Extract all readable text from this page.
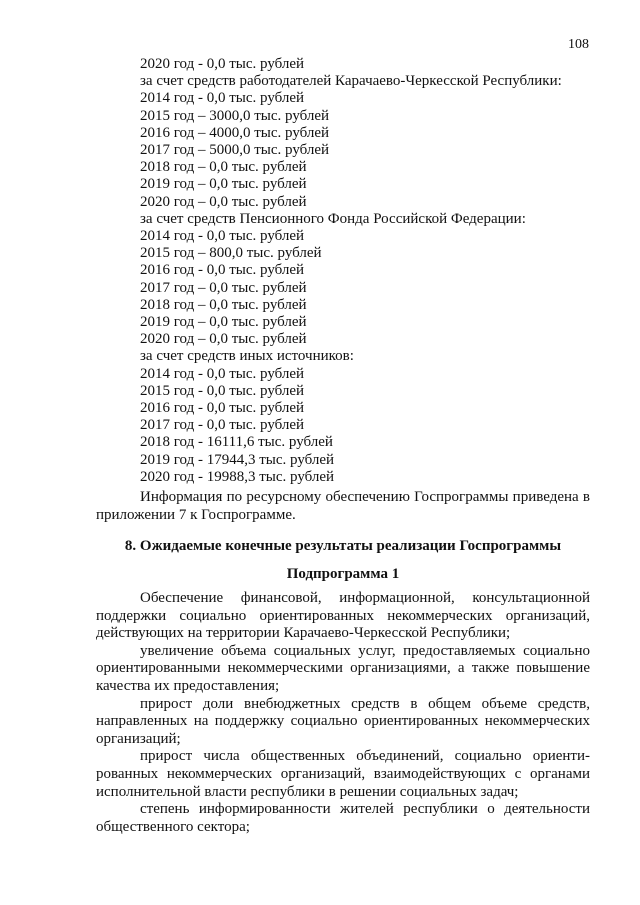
108
2020 год - 0,0 тыс. рублей
за счет средств работодателей Карачаево-Черкесской Республики:
2014 год - 0,0 тыс. рублей
2015 год – 3000,0 тыс. рублей
2016 год – 4000,0 тыс. рублей
2017 год – 5000,0 тыс. рублей
2018 год – 0,0 тыс. рублей
2019 год – 0,0 тыс. рублей
2020 год – 0,0 тыс. рублей
за счет средств Пенсионного Фонда Российской Федерации:
2014 год - 0,0 тыс. рублей
2015 год – 800,0 тыс. рублей
2016 год - 0,0 тыс. рублей
2017 год – 0,0 тыс. рублей
2018 год – 0,0 тыс. рублей
2019 год – 0,0 тыс. рублей
2020 год – 0,0 тыс. рублей
за счет средств иных источников:
2014 год - 0,0 тыс. рублей
2015 год - 0,0 тыс. рублей
2016 год - 0,0 тыс. рублей
2017 год - 0,0 тыс. рублей
2018 год - 16111,6 тыс. рублей
2019 год - 17944,3 тыс. рублей
2020 год - 19988,3 тыс. рублей
Информация по ресурсному обеспечению Госпрограммы приведена в приложении 7 к Госпрограмме.
8. Ожидаемые конечные результаты реализации Госпрограммы
Подпрограмма 1

Обеспечение финансовой, информационной, консультационной поддержки социально ориентированных некоммерческих организаций, действующих на территории Карачаево-Черкесской Республики;

увеличение объема социальных услуг, предоставляемых социально ориентированными некоммерческими организациями, а также повышение качества их предоставления;

прирост доли внебюджетных средств в общем объеме средств, направленных на поддержку социально ориентированных некоммерческих организаций;

прирост числа общественных объединений, социально ориенти-рованных некоммерческих организаций, взаимодействующих с органами исполнительной власти республики в решении социальных задач;

степень информированности жителей республики о деятельности общественного сектора;
